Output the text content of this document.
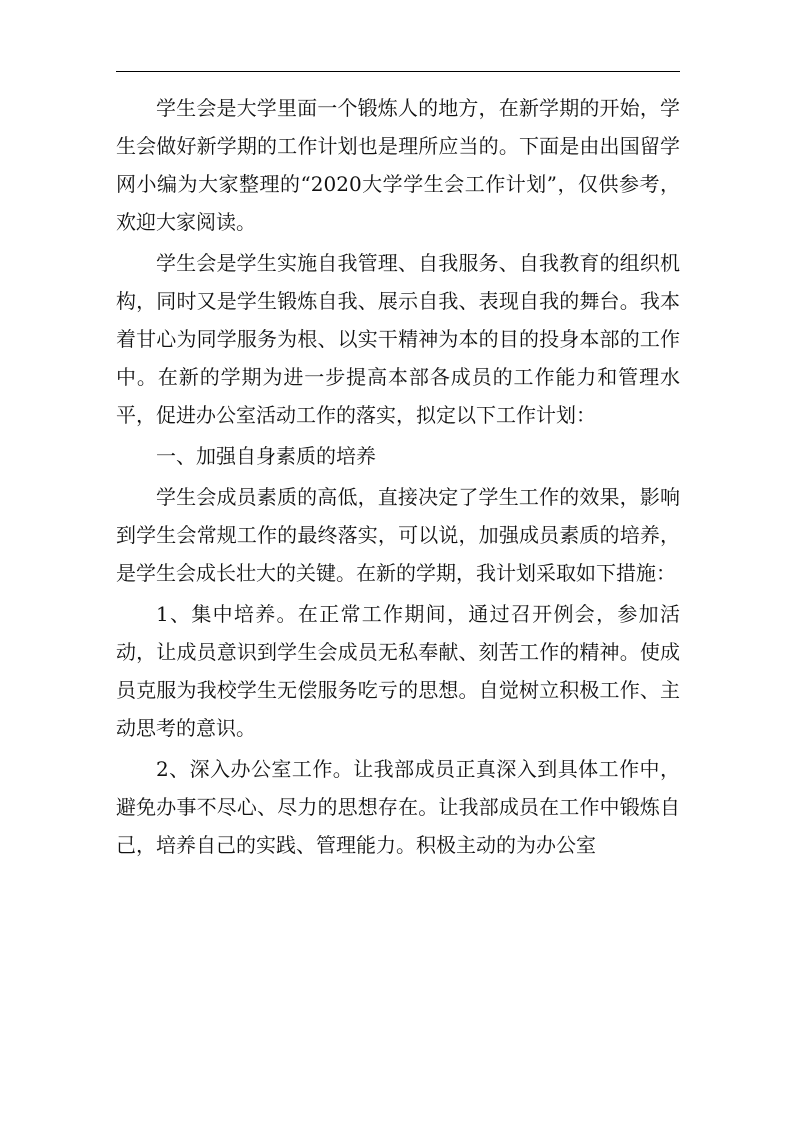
学生会是大学里面一个锻炼人的地方，在新学期的开始，学生会做好新学期的工作计划也是理所应当的。下面是由出国留学网小编为大家整理的“2020大学学生会工作计划”，仅供参考，欢迎大家阅读。

学生会是学生实施自我管理、自我服务、自我教育的组织机构，同时又是学生锻炼自我、展示自我、表现自我的舞台。我本着甘心为同学服务为根、以实干精神为本的目的投身本部的工作中。在新的学期为进一步提高本部各成员的工作能力和管理水平，促进办公室活动工作的落实，拟定以下工作计划：

一、加强自身素质的培养

学生会成员素质的高低，直接决定了学生工作的效果，影响到学生会常规工作的最终落实，可以说，加强成员素质的培养，是学生会成长壮大的关键。在新的学期，我计划采取如下措施：

1、集中培养。在正常工作期间，通过召开例会，参加活动，让成员意识到学生会成员无私奉献、刻苦工作的精神。使成员克服为我校学生无偿服务吃亏的思想。自觉树立积极工作、主动思考的意识。

2、深入办公室工作。让我部成员正真深入到具体工作中，避免办事不尽心、尽力的思想存在。让我部成员在工作中锻炼自己，培养自己的实践、管理能力。积极主动的为办公室
